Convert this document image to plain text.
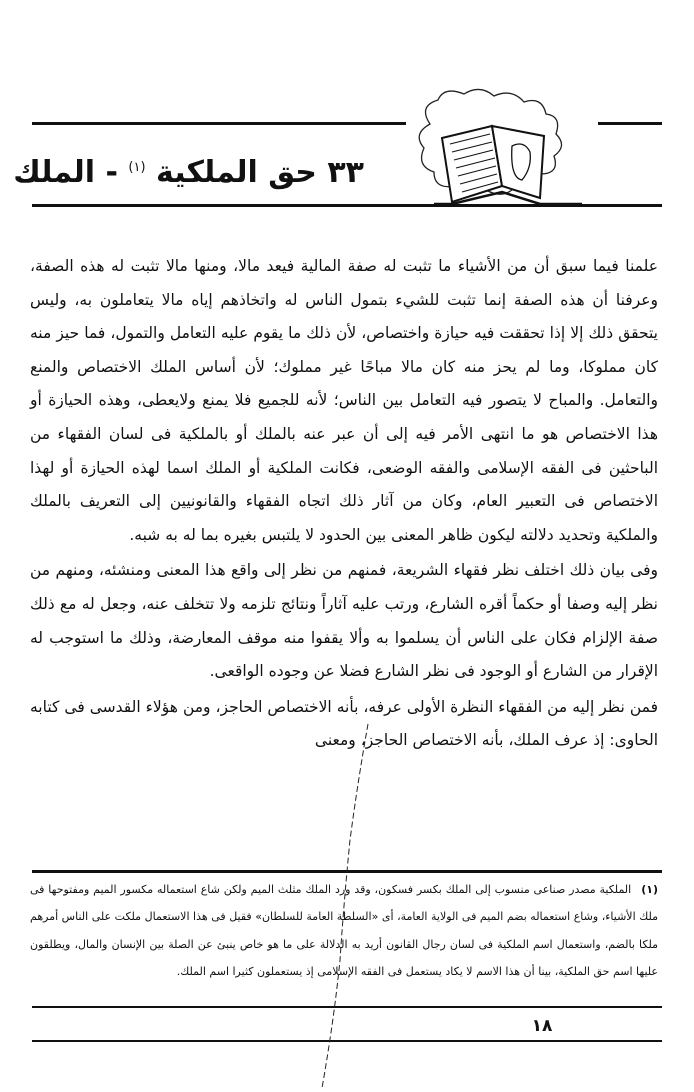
٣٣ حق الملكية $^{(١)}$ - الملك

علمنا فيما سبق أن من الأشياء ما تثبت له صفة المالية فيعد مالا، ومنها مالا تثبت له هذه الصفة، وعرفنا أن هذه الصفة إنما تثبت للشيء بتمول الناس له واتخاذهم إياه مالا يتعاملون به، وليس يتحقق ذلك إلا إذا تحققت فيه حيازة واختصاص، لأن ذلك ما يقوم عليه التعامل والتمول، فما حيز منه كان مملوكا، وما لم يحز منه كان مالا مباحًا غير مملوك؛ لأن أساس الملك الاختصاص والمنع والتعامل. والمباح لا يتصور فيه التعامل بين الناس؛ لأنه للجميع فلا يمنع ولايعطى، وهذه الحيازة أو هذا الاختصاص هو ما انتهى الأمر فيه إلى أن عبر عنه بالملك أو بالملكية فى لسان الفقهاء من الباحثين فى الفقه الإسلامى والفقه الوضعى، فكانت الملكية أو الملك اسما لهذه الحيازة أو لهذا الاختصاص فى التعبير العام، وكان من آثار ذلك اتجاه الفقهاء والقانونيين إلى التعريف بالملك والملكية وتحديد دلالته ليكون ظاهر المعنى بين الحدود لا يلتبس بغيره بما له به شبه.

وفى بيان ذلك اختلف نظر فقهاء الشريعة، فمنهم من نظر إلى واقع هذا المعنى ومنشئه، ومنهم من نظر إليه وصفا أو حكماً أقره الشارع، ورتب عليه آثاراً ونتائج تلزمه ولا تتخلف عنه، وجعل له مع ذلك صفة الإلزام فكان على الناس أن يسلموا به وألا يقفوا منه موقف المعارضة، وذلك ما استوجب له الإقرار من الشارع أو الوجود فى نظر الشارع فضلا عن وجوده الواقعى.

فمن نظر إليه من الفقهاء النظرة الأولى عرفه، بأنه الاختصاص الحاجز، ومن هؤلاء القدسى فى كتابه الحاوى: إذ عرف الملك، بأنه الاختصاص الحاجز، ومعنى

(١)الملكية مصدر صناعى منسوب إلى الملك بكسر فسكون، وقد ورد الملك مثلث الميم ولكن شاع استعماله مكسور الميم ومفتوحها فى ملك الأشياء، وشاع استعماله بضم الميم فى الولاية العامة، أى «السلطة العامة للسلطان» فقيل فى هذا الاستعمال ملكت على الناس أمرهم ملكا بالضم، واستعمال اسم الملكية فى لسان رجال القانون أريد به الدلالة على ما هو خاص ينبئ عن الصلة بين الإنسان والمال، ويطلقون عليها اسم حق الملكية، بينا أن هذا الاسم لا يكاد يستعمل فى الفقه الإسلامى إذ يستعملون كثيرا اسم الملك.

١٨
